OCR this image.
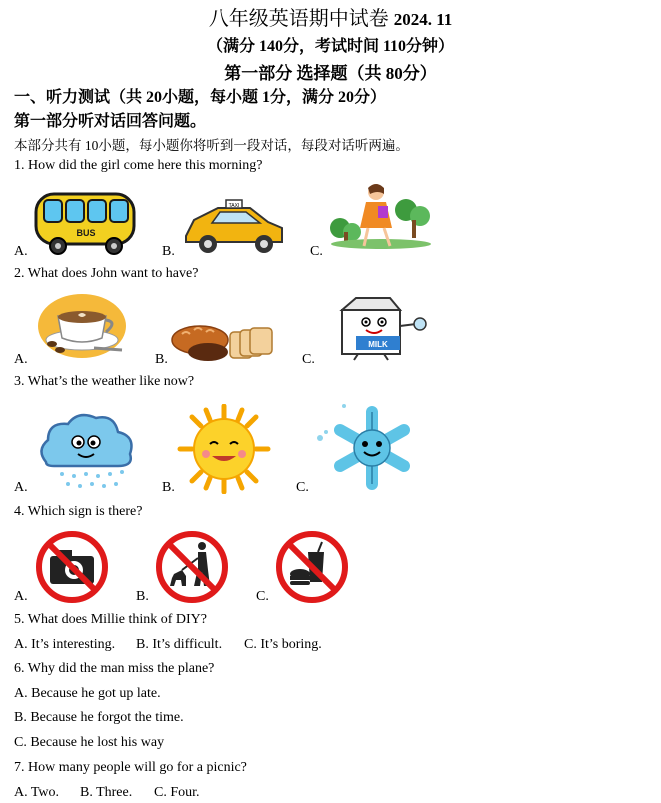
八年级英语期中试卷 2024. 11
（满分 140分，考试时间 110分钟）
第一部分 选择题（共 80分）
一、听力测试（共 20小题，每小题 1分，满分 20分）
第一部分听对话回答问题。
本部分共有 10小题，每小题你将听到一段对话，每段对话听两遍。
1. How did the girl come here this morning?
A.	B.	C.
BUS
TAXI
2. What does John want to have?
A.	B.	C.
MILK
3. What’s the weather like now?
A.	B.	C.
4. Which sign is there?
A.	B.	C.
5. What does Millie think of DIY?
A. It’s interesting. B. It’s difficult. C. It’s boring.
6. Why did the man miss the plane?
A. Because he got up late.
B. Because he forgot the time.
C. Because he lost his way
7. How many people will go for a picnic?
A. Two. B. Three. C. Four.
